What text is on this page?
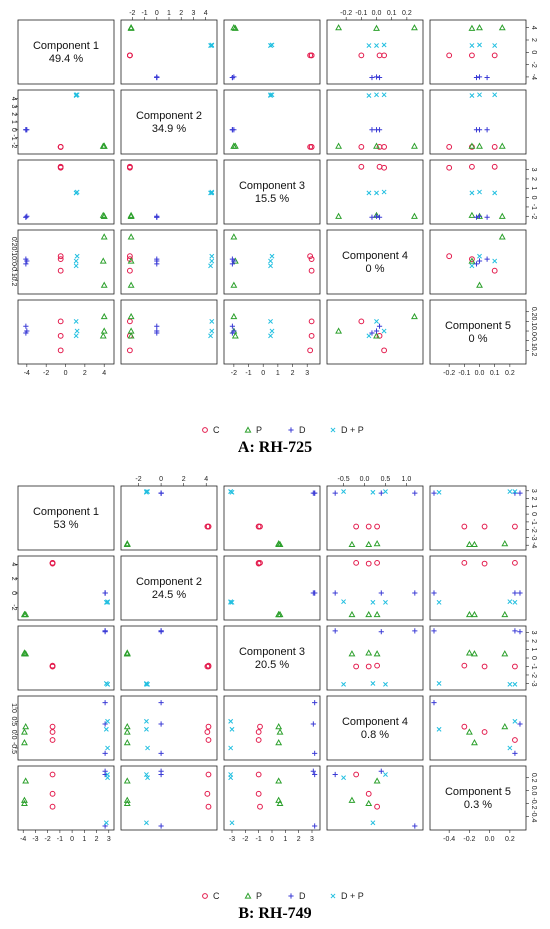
A: RH-725
B: RH-749
Component 1
49.4 %
Component 2
34.9 %
Component 3
15.5 %
Component 4
0 %
Component 5
0 %
-4 -2 0 2 4
-2 -1 0 1 2 3 4
-2 -1 0 1 2 3
-0.2 -0.1 0.0 0.1 0.2
-0.2 -0.1 0.0 0.1 0.2
-4
-2
0
2
4
-2
-1
0
1
2
3
4
-2
-1
0
1
2
3
-0.2
-0.1
0.0
0.1
0.2
-0.2
-0.1
0.0
0.1
0.2
C	P	D	D + P
Component 1
53 %
Component 2
24.5 %
Component 3
20.5 %
Component 4
0.8 %
Component 5
0.3 %
-4 -3 -2 -1 0 1 2 3
-2 0	2	4
-3 -2 -1 0 1 2 3
-0.5 0.0 0.5 1.0
-0.4 -0.2 0.0 0.2
-4
-3
-2
-1
0
1
2
3
-2
0
2
4
-3
-2
-1
0
1
2
3
-0.5
0.0
0.5
1.0
-0.4
-0.2
0.0
0.2
C	P	D	D + P
